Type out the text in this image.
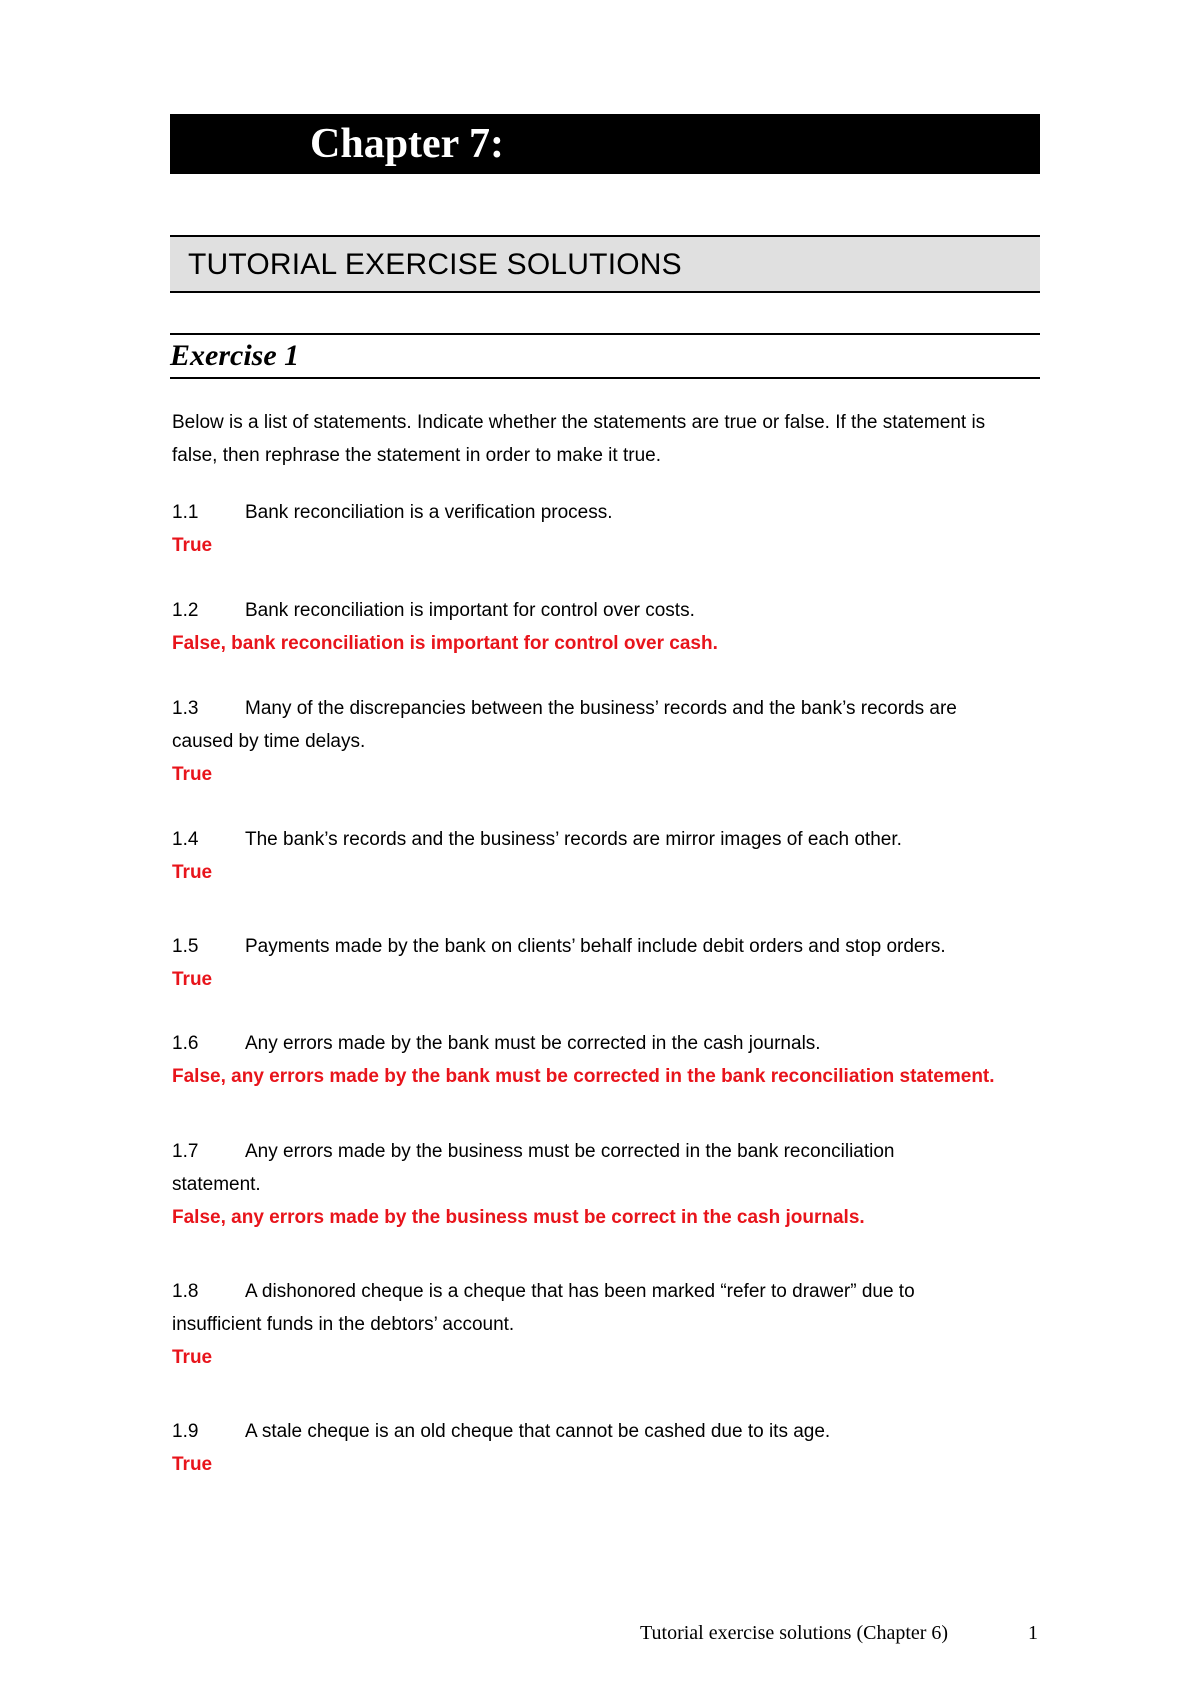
Chapter 7:
TUTORIAL EXERCISE SOLUTIONS
Exercise 1

Below is a list of statements. Indicate whether the statements are true or false. If the statement is false, then rephrase the statement in order to make it true.

1.1 Bank reconciliation is a verification process.

True

1.2 Bank reconciliation is important for control over costs.

False, bank reconciliation is important for control over cash.

1.3 Many of the discrepancies between the business’ records and the bank’s records are

caused by time delays.

True

1.4 The bank’s records and the business’ records are mirror images of each other.

True

1.5 Payments made by the bank on clients’ behalf include debit orders and stop orders.

True

1.6 Any errors made by the bank must be corrected in the cash journals.

False, any errors made by the bank must be corrected in the bank reconciliation statement.

1.7 Any errors made by the business must be corrected in the bank reconciliation

statement.

False, any errors made by the business must be correct in the cash journals.

1.8 A dishonored cheque is a cheque that has been marked “refer to drawer” due to

insufficient funds in the debtors’ account.

True

1.9 A stale cheque is an old cheque that cannot be cashed due to its age.

True

Tutorial exercise solutions (Chapter 6)	1
